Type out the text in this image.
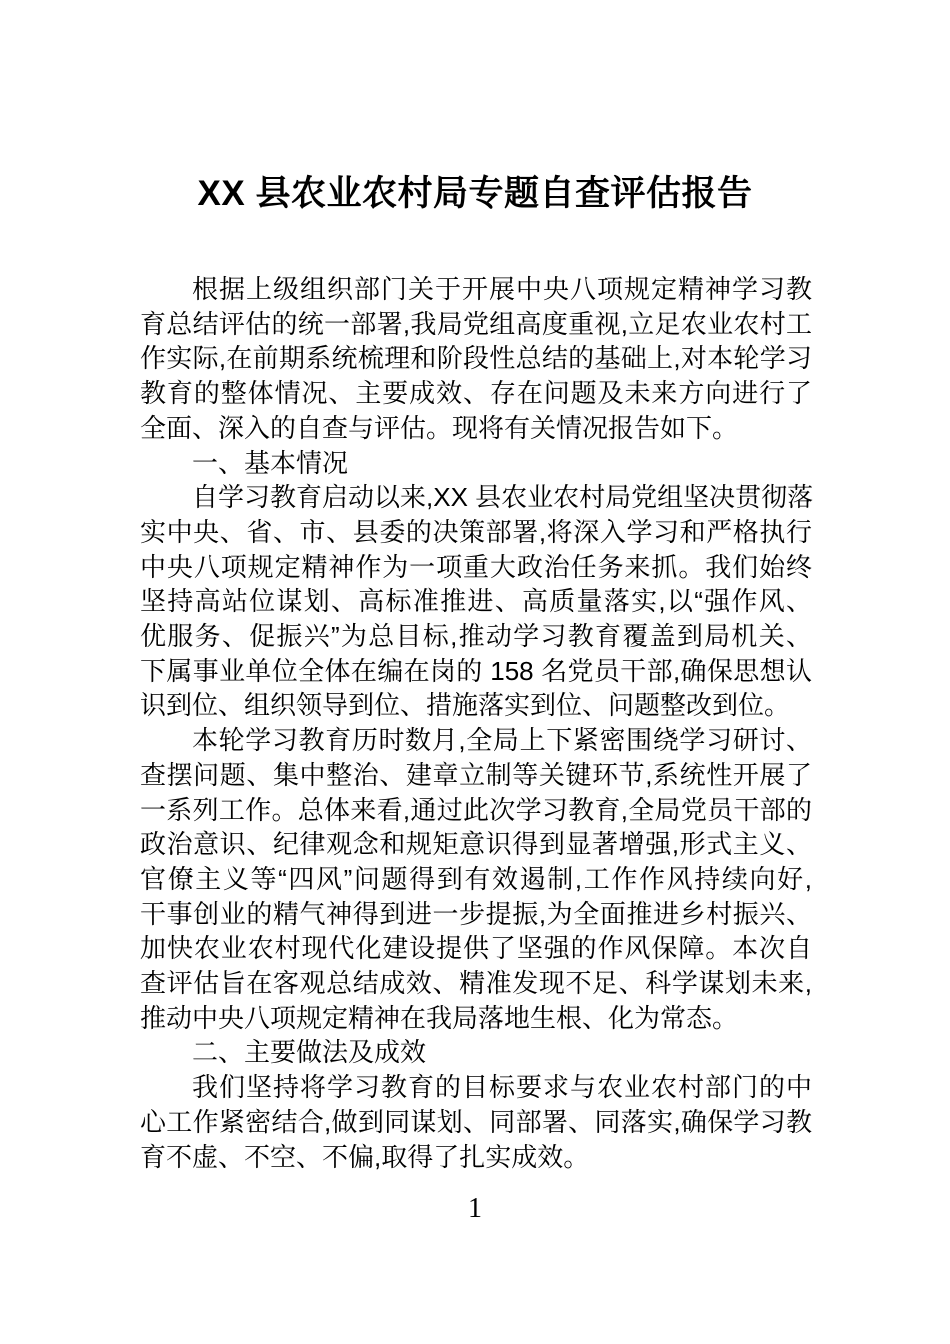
XX 县农业农村局专题自查评估报告
根据上级组织部门关于开展中央八项规定精神学习教
育总结评估的统一部署,我局党组高度重视,立足农业农村工
作实际,在前期系统梳理和阶段性总结的基础上,对本轮学习
教育的整体情况、主要成效、存在问题及未来方向进行了
全面、深入的自查与评估。现将有关情况报告如下。
一、基本情况
自学习教育启动以来,XX 县农业农村局党组坚决贯彻落
实中央、省、市、县委的决策部署,将深入学习和严格执行
中央八项规定精神作为一项重大政治任务来抓。我们始终
坚持高站位谋划、高标准推进、高质量落实,以“强作风、
优服务、促振兴”为总目标,推动学习教育覆盖到局机关、
下属事业单位全体在编在岗的 158 名党员干部,确保思想认
识到位、组织领导到位、措施落实到位、问题整改到位。
本轮学习教育历时数月,全局上下紧密围绕学习研讨、
查摆问题、集中整治、建章立制等关键环节,系统性开展了
一系列工作。总体来看,通过此次学习教育,全局党员干部的
政治意识、纪律观念和规矩意识得到显著增强,形式主义、
官僚主义等“四风”问题得到有效遏制,工作作风持续向好,
干事创业的精气神得到进一步提振,为全面推进乡村振兴、
加快农业农村现代化建设提供了坚强的作风保障。本次自
查评估旨在客观总结成效、精准发现不足、科学谋划未来,
推动中央八项规定精神在我局落地生根、化为常态。
二、主要做法及成效
我们坚持将学习教育的目标要求与农业农村部门的中
心工作紧密结合,做到同谋划、同部署、同落实,确保学习教
育不虚、不空、不偏,取得了扎实成效。
1
